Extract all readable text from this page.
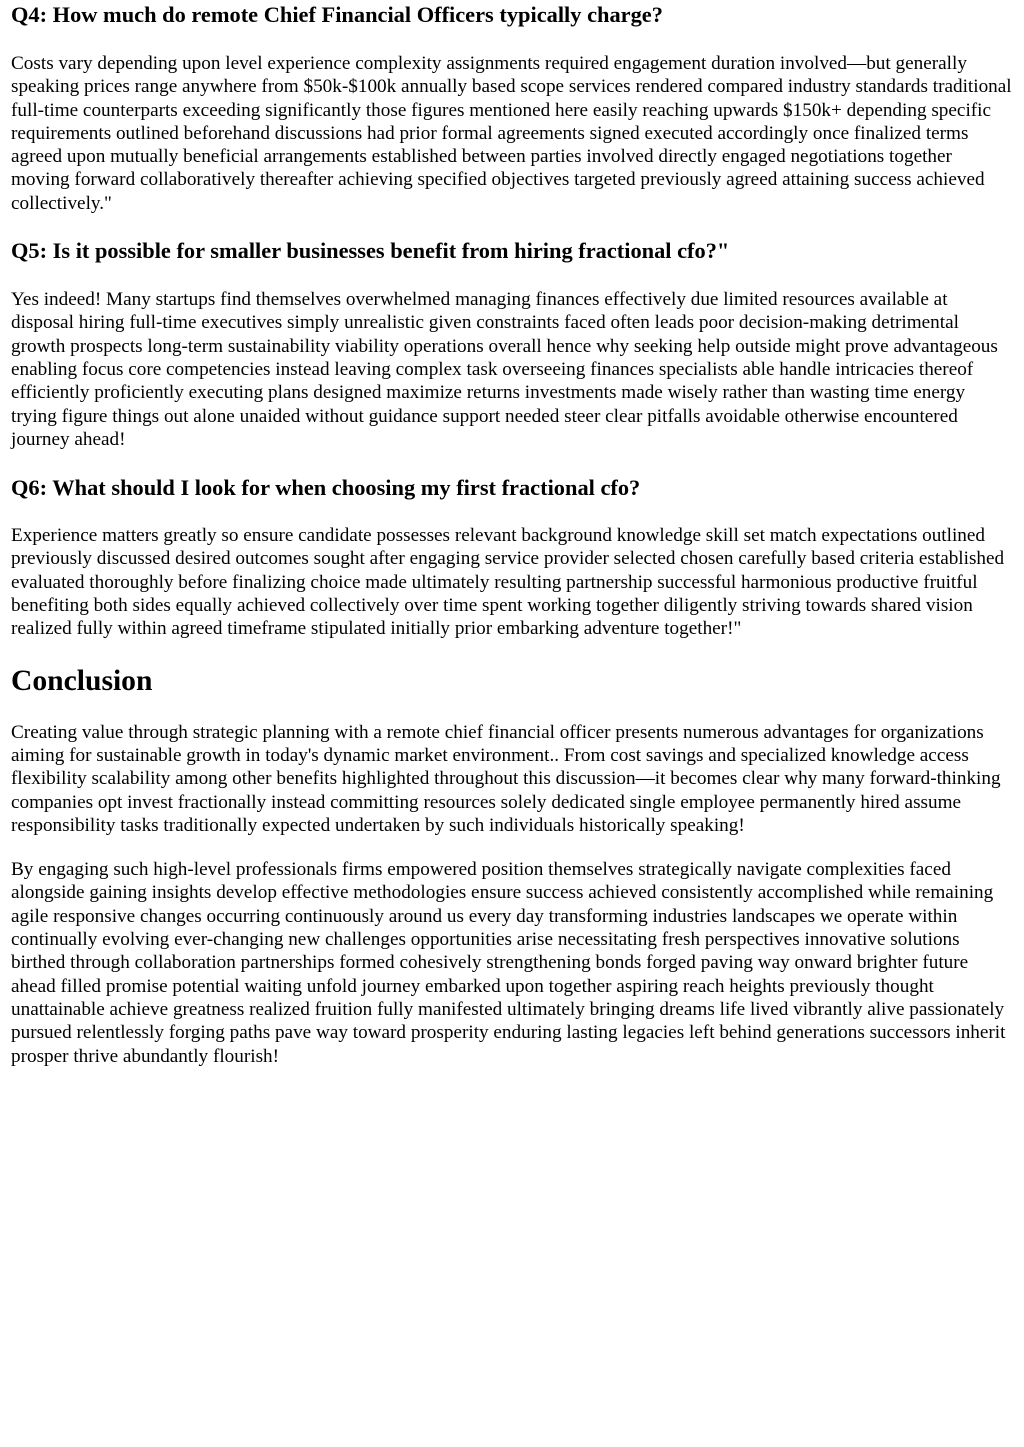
Q4: How much do remote Chief Financial Officers typically charge?

Costs vary depending upon level experience complexity assignments required engagement duration involved—but generally speaking prices range anywhere from $50k-$100k annually based scope services rendered compared industry standards traditional full-time counterparts exceeding significantly those figures mentioned here easily reaching upwards $150k+ depending specific requirements outlined beforehand discussions had prior formal agreements signed executed accordingly once finalized terms agreed upon mutually beneficial arrangements established between parties involved directly engaged negotiations together moving forward collaboratively thereafter achieving specified objectives targeted previously agreed attaining success achieved collectively."

Q5: Is it possible for smaller businesses benefit from hiring fractional cfo?"

Yes indeed! Many startups find themselves overwhelmed managing finances effectively due limited resources available at disposal hiring full-time executives simply unrealistic given constraints faced often leads poor decision-making detrimental growth prospects long-term sustainability viability operations overall hence why seeking help outside might prove advantageous enabling focus core competencies instead leaving complex task overseeing finances specialists able handle intricacies thereof efficiently proficiently executing plans designed maximize returns investments made wisely rather than wasting time energy trying figure things out alone unaided without guidance support needed steer clear pitfalls avoidable otherwise encountered journey ahead!

Q6: What should I look for when choosing my first fractional cfo?

Experience matters greatly so ensure candidate possesses relevant background knowledge skill set match expectations outlined previously discussed desired outcomes sought after engaging service provider selected chosen carefully based criteria established evaluated thoroughly before finalizing choice made ultimately resulting partnership successful harmonious productive fruitful benefiting both sides equally achieved collectively over time spent working together diligently striving towards shared vision realized fully within agreed timeframe stipulated initially prior embarking adventure together!"

Conclusion

Creating value through strategic planning with a remote chief financial officer presents numerous advantages for organizations aiming for sustainable growth in today's dynamic market environment.. From cost savings and specialized knowledge access flexibility scalability among other benefits highlighted throughout this discussion—it becomes clear why many forward-thinking companies opt invest fractionally instead committing resources solely dedicated single employee permanently hired assume responsibility tasks traditionally expected undertaken by such individuals historically speaking!

By engaging such high-level professionals firms empowered position themselves strategically navigate complexities faced alongside gaining insights develop effective methodologies ensure success achieved consistently accomplished while remaining agile responsive changes occurring continuously around us every day transforming industries landscapes we operate within continually evolving ever-changing new challenges opportunities arise necessitating fresh perspectives innovative solutions birthed through collaboration partnerships formed cohesively strengthening bonds forged paving way onward brighter future ahead filled promise potential waiting unfold journey embarked upon together aspiring reach heights previously thought unattainable achieve greatness realized fruition fully manifested ultimately bringing dreams life lived vibrantly alive passionately pursued relentlessly forging paths pave way toward prosperity enduring lasting legacies left behind generations successors inherit prosper thrive abundantly flourish!
